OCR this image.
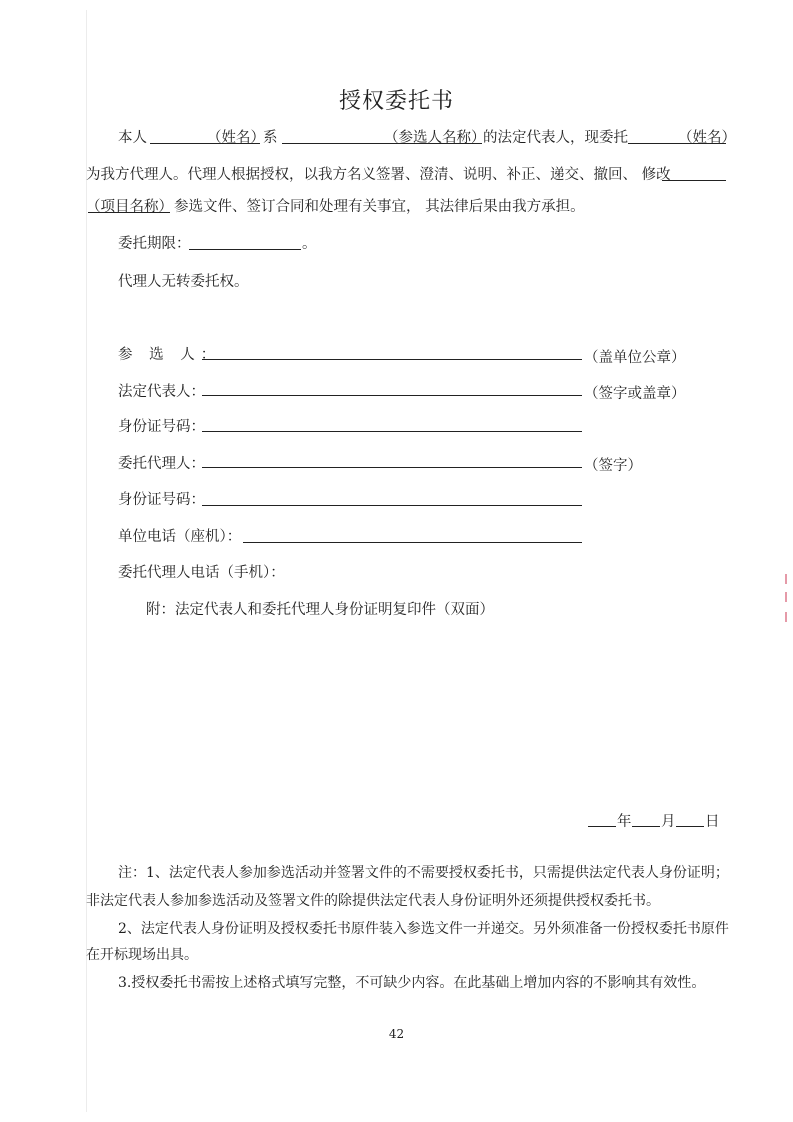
授权委托书
本人	（姓名）
系	（参选人名称）
的法定代表人，现委托	（姓名）
为我方代理人。代理人根据授权，以我方名义签署、澄清、说明、补正、递交、撤回、 修改
（项目名称） 参选文件、签订合同和处理有关事宜， 其法律后果由我方承担。
委托期限：	。
代理人无转委托权。
参 选 人：	（盖单位公章）
法定代表人：	（签字或盖章）
身份证号码：
委托代理人：	（签字）
身份证号码：
单位电话（座机）：
委托代理人电话（手机）：
附：法定代表人和委托代理人身份证明复印件（双面）
年 月 日
注：1、法定代表人参加参选活动并签署文件的不需要授权委托书，只需提供法定代表人身份证明；
非法定代表人参加参选活动及签署文件的除提供法定代表人身份证明外还须提供授权委托书。
2、法定代表人身份证明及授权委托书原件装入参选文件一并递交。另外须准备一份授权委托书原件
在开标现场出具。
3.授权委托书需按上述格式填写完整，不可缺少内容。在此基础上增加内容的不影响其有效性。
42
